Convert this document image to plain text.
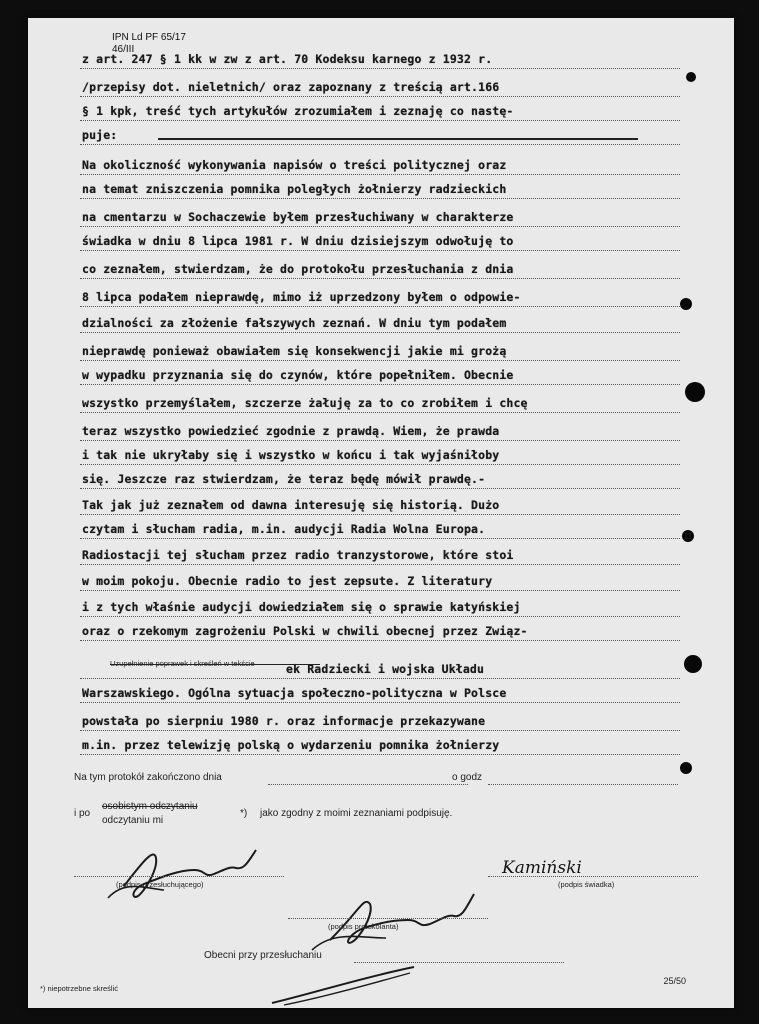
IPN Ld PF 65/17
46/III
z art. 247 § 1 kk w zw z art. 70 Kodeksu karnego z 1932 r.
/przepisy dot. nieletnich/ oraz zapoznany z treścią art.166
§ 1 kpk, treść tych artykułów zrozumiałem i zeznaję co nastę-
puje:
Na okoliczność wykonywania napisów o treści politycznej oraz
na temat zniszczenia pomnika poległych żołnierzy radzieckich
na cmentarzu w Sochaczewie byłem przesłuchiwany w charakterze
świadka w dniu 8 lipca 1981 r. W dniu dzisiejszym odwołuję to
co zeznałem, stwierdzam, że do protokołu przesłuchania z dnia
8 lipca podałem nieprawdę, mimo iż uprzedzony byłem o odpowie-
dzialności za złożenie fałszywych zeznań. W dniu tym podałem
nieprawdę ponieważ obawiałem się konsekwencji jakie mi grożą
w wypadku przyznania się do czynów, które popełniłem. Obecnie
wszystko przemyślałem, szczerze żałuję za to co zrobiłem i chcę
teraz wszystko powiedzieć zgodnie z prawdą. Wiem, że prawda
i tak nie ukryłaby się i wszystko w końcu i tak wyjaśniłoby
się. Jeszcze raz stwierdzam, że teraz będę mówił prawdę.-
Tak jak już zeznałem od dawna interesuję się historią. Dużo
czytam i słucham radia, m.in. audycji Radia Wolna Europa.
Radiostacji tej słucham przez radio tranzystorowe, które stoi
w moim pokoju. Obecnie radio to jest zepsute. Z literatury
i z tych właśnie audycji dowiedziałem się o sprawie katyńskiej
oraz o rzekomym zagrożeniu Polski w chwili obecnej przez Związ-
ek Radziecki i wojska Układu
Warszawskiego. Ogólna sytuacja społeczno-polityczna w Polsce
powstała po sierpniu 1980 r. oraz informacje przekazywane
m.in. przez telewizję polską o wydarzeniu pomnika żołnierzy
Uzupełnienie poprawek i skreśleń w tekście
Na tym protokół zakończono dnia	o godz
i po
osobistym odczytaniu
odczytaniu mi
*) jako zgodny z moimi zeznaniami podpisuję.
(podpis przesłuchującego)
Kamiński
(podpis świadka)
(podpis protokolanta)
Obecni przy przesłuchaniu
*) niepotrzebne skreślić
25/50
